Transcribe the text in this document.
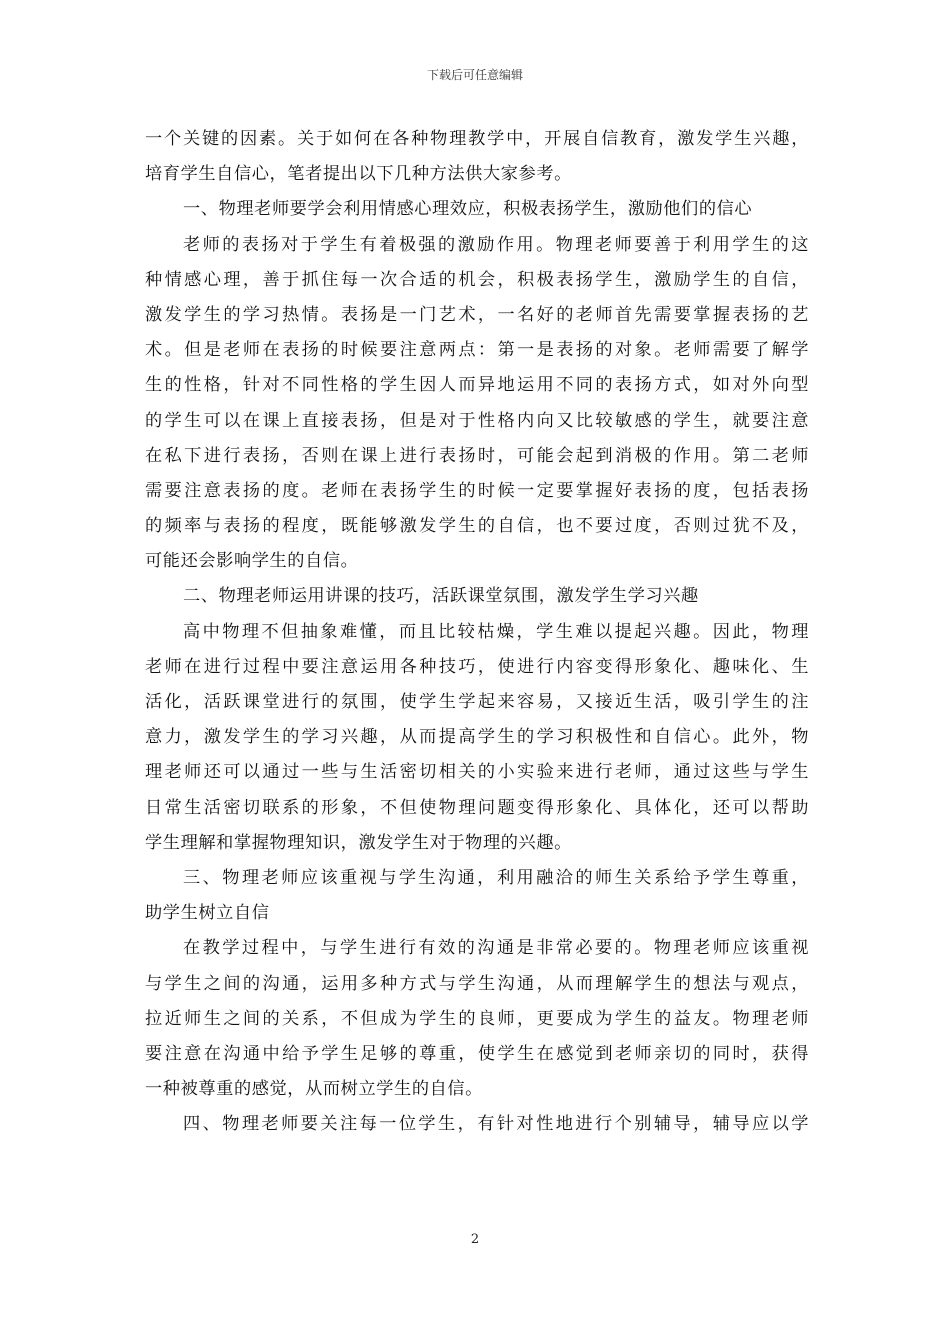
下载后可任意编辑
一个关键的因素。关于如何在各种物理教学中，开展自信教育，激发学生兴趣，
培育学生自信心，笔者提出以下几种方法供大家参考。
一、物理老师要学会利用情感心理效应，积极表扬学生，激励他们的信心
老师的表扬对于学生有着极强的激励作用。物理老师要善于利用学生的这
种情感心理，善于抓住每一次合适的机会，积极表扬学生，激励学生的自信，
激发学生的学习热情。表扬是一门艺术，一名好的老师首先需要掌握表扬的艺
术。但是老师在表扬的时候要注意两点：第一是表扬的对象。老师需要了解学
生的性格，针对不同性格的学生因人而异地运用不同的表扬方式，如对外向型
的学生可以在课上直接表扬，但是对于性格内向又比较敏感的学生，就要注意
在私下进行表扬，否则在课上进行表扬时，可能会起到消极的作用。第二老师
需要注意表扬的度。老师在表扬学生的时候一定要掌握好表扬的度，包括表扬
的频率与表扬的程度，既能够激发学生的自信，也不要过度，否则过犹不及，
可能还会影响学生的自信。
二、物理老师运用讲课的技巧，活跃课堂氛围，激发学生学习兴趣
高中物理不但抽象难懂，而且比较枯燥，学生难以提起兴趣。因此，物理
老师在进行过程中要注意运用各种技巧，使进行内容变得形象化、趣味化、生
活化，活跃课堂进行的氛围，使学生学起来容易，又接近生活，吸引学生的注
意力，激发学生的学习兴趣，从而提高学生的学习积极性和自信心。此外，物
理老师还可以通过一些与生活密切相关的小实验来进行老师，通过这些与学生
日常生活密切联系的形象，不但使物理问题变得形象化、具体化，还可以帮助
学生理解和掌握物理知识，激发学生对于物理的兴趣。
三、物理老师应该重视与学生沟通，利用融洽的师生关系给予学生尊重，
助学生树立自信
在教学过程中，与学生进行有效的沟通是非常必要的。物理老师应该重视
与学生之间的沟通，运用多种方式与学生沟通，从而理解学生的想法与观点，
拉近师生之间的关系，不但成为学生的良师，更要成为学生的益友。物理老师
要注意在沟通中给予学生足够的尊重，使学生在感觉到老师亲切的同时，获得
一种被尊重的感觉，从而树立学生的自信。
四、物理老师要关注每一位学生，有针对性地进行个别辅导，辅导应以学
2
